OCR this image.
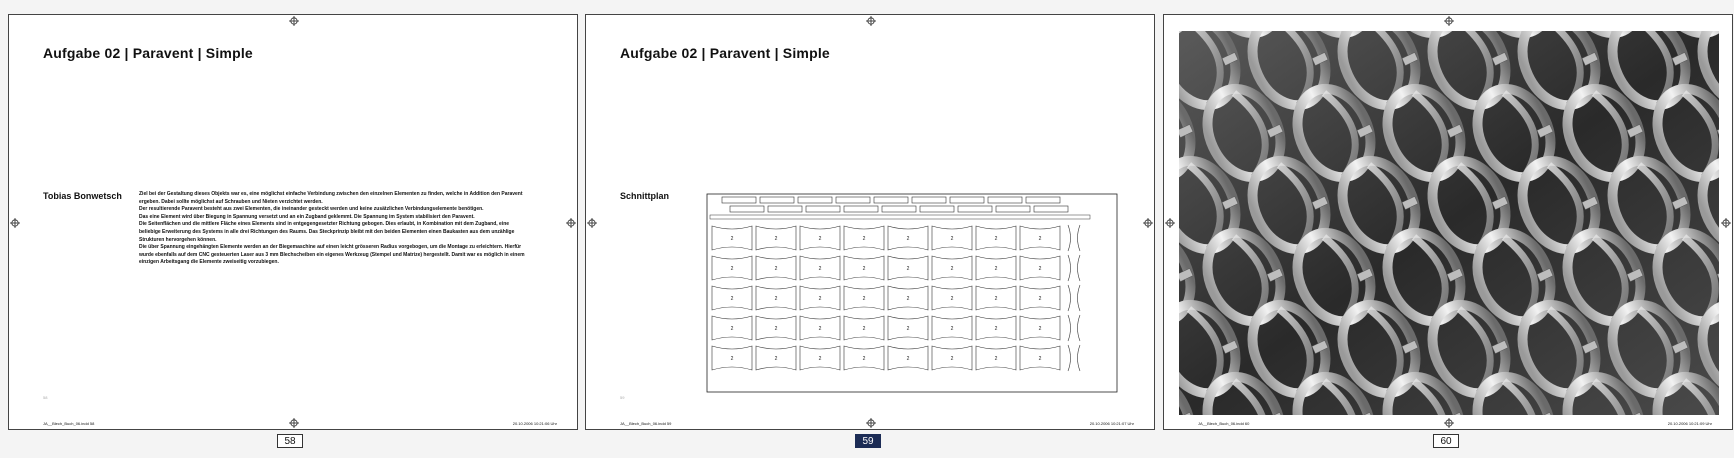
Aufgabe 02 | Paravent | Simple
Tobias Bonwetsch	Ziel bei der Gestaltung dieses Objekts war es, eine möglichst einfache Verbindung zwischen den einzelnen Elementen zu finden, welche in Addition den Paravent ergeben. Dabei sollte möglichst auf Schrauben und Nieten verzichtet werden.

Der resultierende Paravent besteht aus zwei Elementen, die ineinander gesteckt werden und keine zusätzlichen Verbindungselemente benötigen.

Das eine Element wird über Biegung in Spannung versetzt und an ein Zugband geklemmt. Die Spannung im System stabilisiert den Paravent.

Die Seitenflächen und die mittlere Fläche eines Elements sind in entgegengesetzter Richtung gebogen. Dies erlaubt, in Kombination mit dem Zugband, eine beliebige Erweiterung des Systems in alle drei Richtungen des Raums. Das Steckprinzip bleibt mit den beiden Elementen einen Baukasten aus dem unzählige Strukturen hervorgehen können.

Die über Spannung eingehängten Elemente werden an der Biegemaschine auf einen leicht grösseren Radius vorgebogen, um die Montage zu erleichtern. Hierfür wurde ebenfalls auf dem CNC gesteuerten Laser aus 3 mm Blechscheiben ein eigenes Werkzeug (Stempel und Matrize) hergestellt. Damit war es möglich in einem einzigen Arbeitsgang die Elemente zweiseitig vorzubiegen.

58
JA__Blech_Buch_06.indd 58	20.10.2006 10:21:06 Uhr
Aufgabe 02 | Paravent | Simple
Schnittplan
2	2	2	2	2	2	2	2
2	2	2	2	2	2	2	2
2	2	2	2	2	2	2	2
2	2	2	2	2	2	2	2
2	2	2	2	2	2	2	2
59
JA__Blech_Buch_06.indd 59	20.10.2006 10:21:07 Uhr	JA__Blech_Buch_06.indd 60	20.10.2006 10:21:09 Uhr
58	59	60
